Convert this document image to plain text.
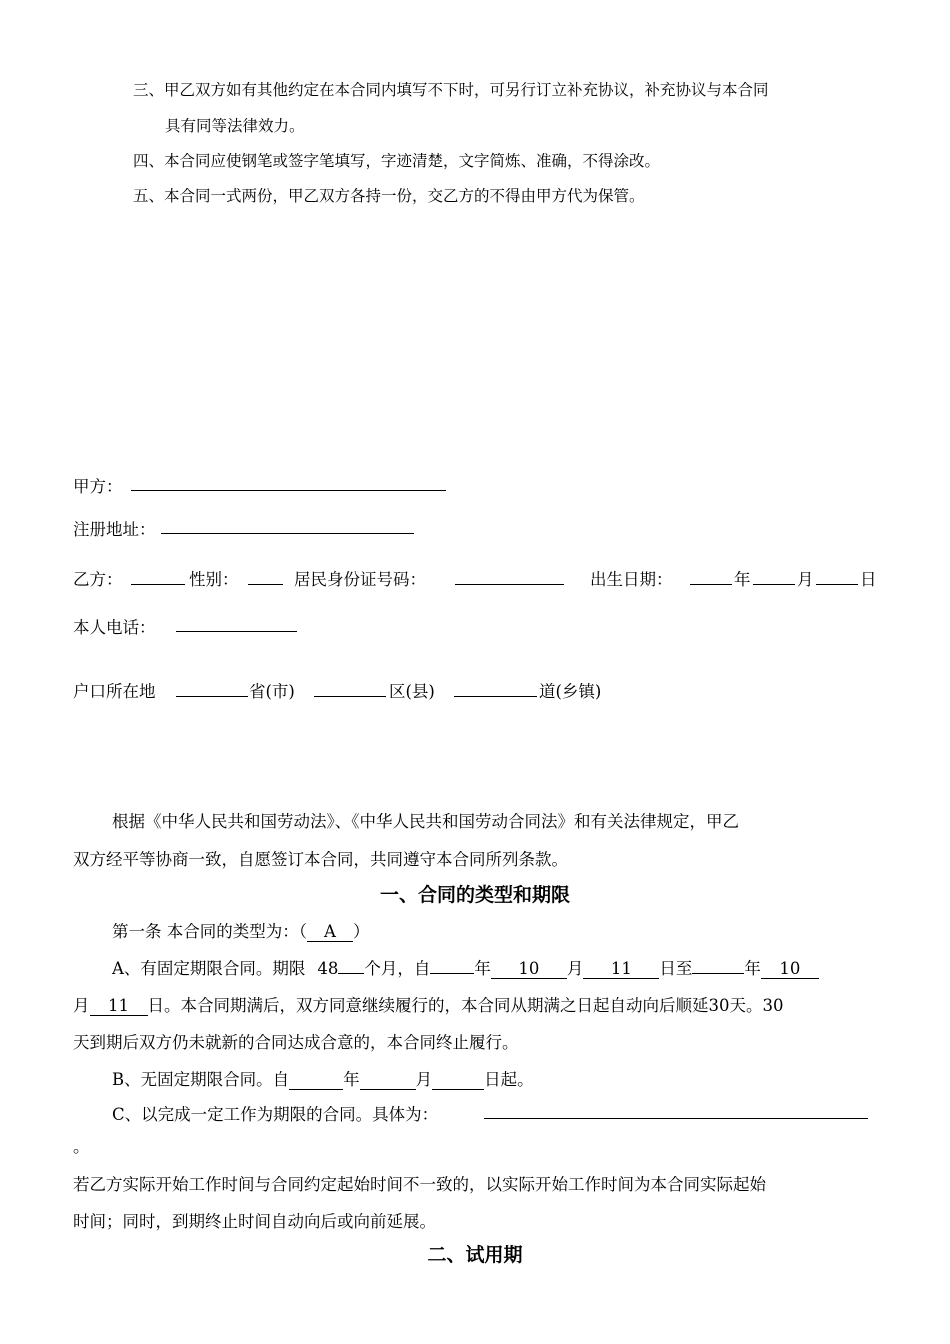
三、甲乙双方如有其他约定在本合同内填写不下时，可另行订立补充协议，补充协议与本合同
具有同等法律效力。
四、本合同应使钢笔或签字笔填写，字迹清楚，文字简炼、准确，不得涂改。
五、本合同一式两份，甲乙双方各持一份，交乙方的不得由甲方代为保管。
甲方：
注册地址：
乙方：	性别：	居民身份证号码：	出生日期：	年	月	日
本人电话：
户口所在地	省(市)	区(县)	道(乡镇)
根据《中华人民共和国劳动法》、《中华人民共和国劳动合同法》和有关法律规定，甲乙
双方经平等协商一致，自愿签订本合同，共同遵守本合同所列条款。
一、合同的类型和期限
第一条 本合同的类型为：（ A ）
A、有固定期限合同。期限 48 个月，自	年 10 月 11 日至	年 10
月 11 日。本合同期满后，双方同意继续履行的，本合同从期满之日起自动向后顺延30天。30
天到期后双方仍未就新的合同达成合意的，本合同终止履行。
B、无固定期限合同。自	年	月	日起。
C、以完成一定工作为期限的合同。具体为：
。
若乙方实际开始工作时间与合同约定起始时间不一致的，以实际开始工作时间为本合同实际起始
时间；同时，到期终止时间自动向后或向前延展。
二、试用期
